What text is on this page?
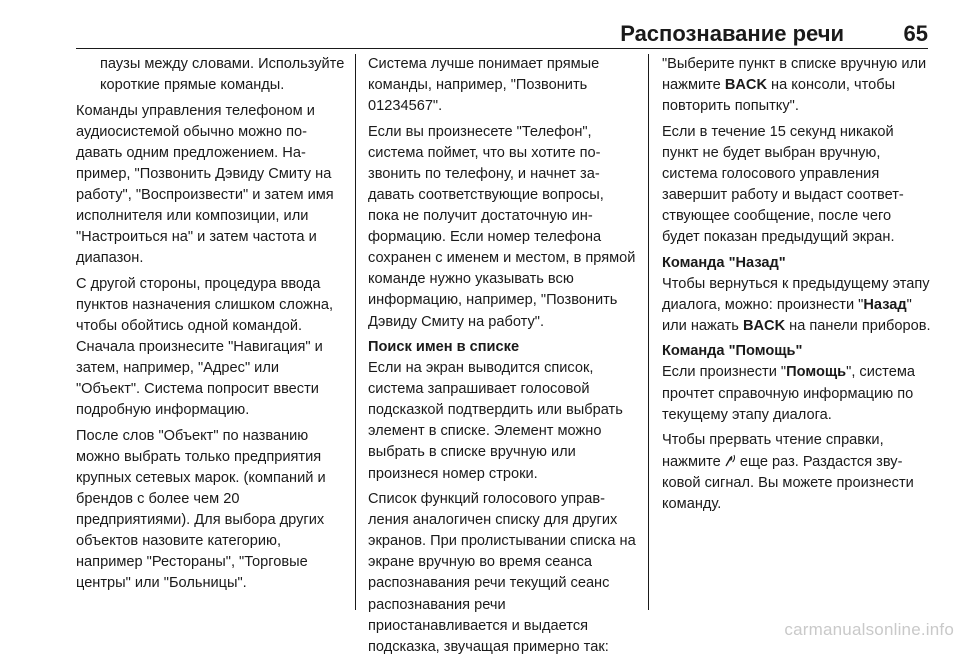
Распознавание речи	65

паузы между словами. Используйте короткие прямые команды.

Команды управления телефоном и аудиосистемой обычно можно подавать одним предложением. Например, "Позвонить Дэвиду Смиту на работу", "Воспроизвести" и затем имя исполнителя или композиции, или "Настроиться на" и затем частота и диапазон.

С другой стороны, процедура ввода пунктов назначения слишком сложна, чтобы обойтись одной командой. Сначала произнесите "Навигация" и затем, например, "Адрес" или "Объект". Система попросит ввести подробную информацию.

После слов "Объект" по названию можно выбрать только предприятия крупных сетевых марок. (компаний и брендов с более чем 20 предприятиями). Для выбора других объектов назовите категорию, например "Рестораны", "Торговые центры" или "Больницы".

Система лучше понимает прямые команды, например, "Позвонить 01234567".

Если вы произнесете "Телефон", система поймет, что вы хотите позвонить по телефону, и начнет задавать соответствующие вопросы, пока не получит достаточную информацию. Если номер телефона сохранен с именем и местом, в прямой команде нужно указывать всю информацию, например, "Позвонить Дэвиду Смиту на работу".

Поиск имен в списке

Если на экран выводится список, система запрашивает голосовой подсказкой подтвердить или выбрать элемент в списке. Элемент можно выбрать в списке вручную или произнеся номер строки.

Список функций голосового управления аналогичен списку для других экранов. При пролистывании списка на экране вручную во время сеанса распознавания речи текущий сеанс распознавания речи приостанавливается и выдается подсказка, звучащая примерно так:

"Выберите пункт в списке вручную или нажмите BACK на консоли, чтобы повторить попытку".

Если в течение 15 секунд никакой пункт не будет выбран вручную, система голосового управления завершит работу и выдаст соответствующее сообщение, после чего будет показан предыдущий экран.

Команда "Назад"

Чтобы вернуться к предыдущему этапу диалога, можно: произнести "Назад" или нажать BACK на панели приборов.

Команда "Помощь"

Если произнести "Помощь", система прочтет справочную информацию по текущему этапу диалога.

Чтобы прервать чтение справки, нажмите  еще раз. Раздастся звуковой сигнал. Вы можете произнести команду.

carmanualsonline.info
